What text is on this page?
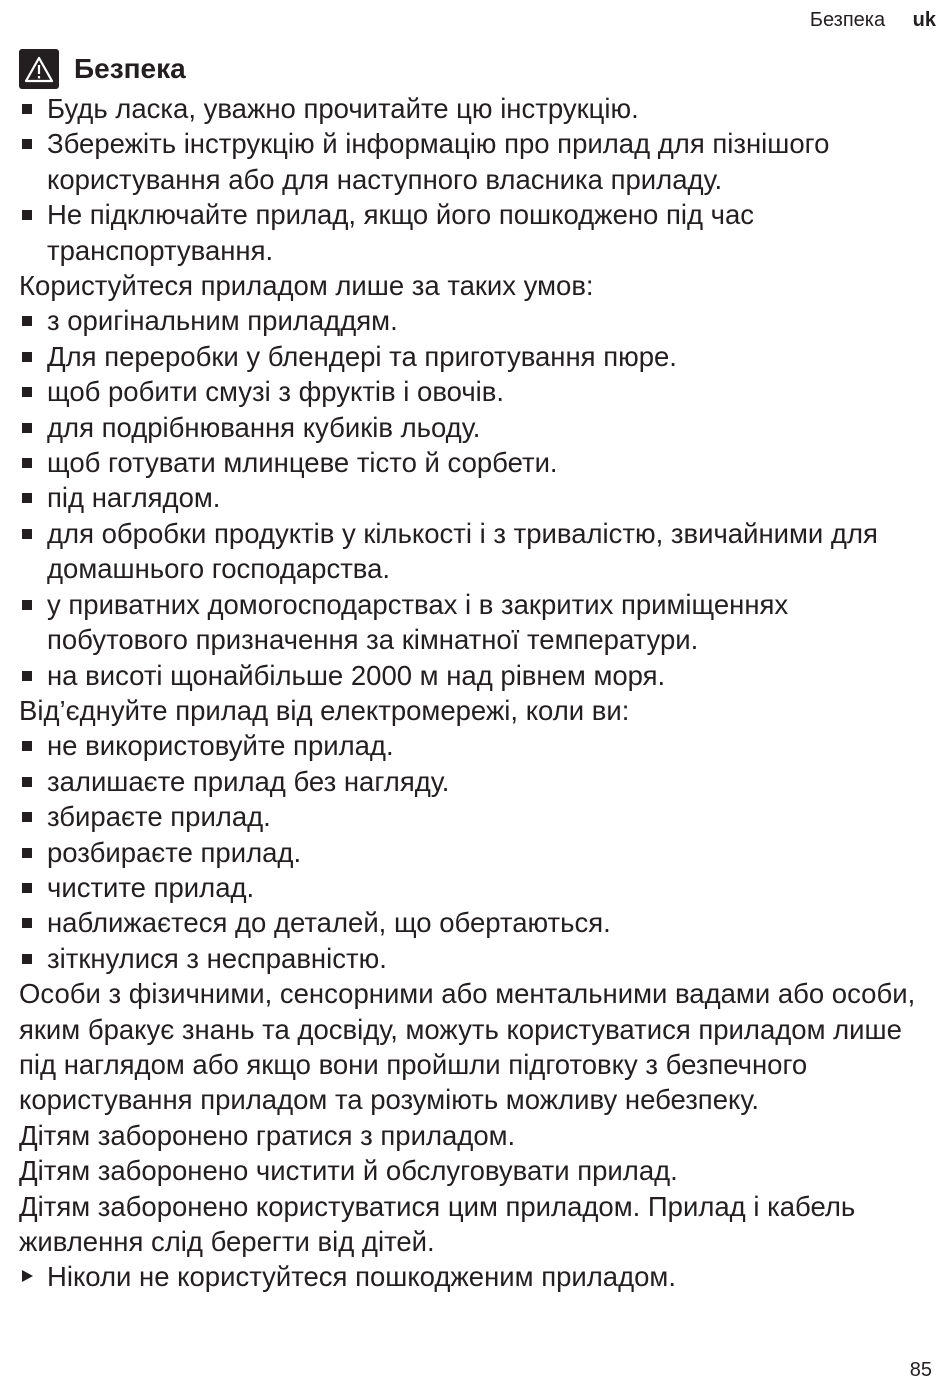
Безпека uk
Безпека
Будь ласка, уважно прочитайте цю інструкцію.
Збережіть інструкцію й інформацію про прилад для пізнішого користування або для наступного власника приладу.
Не підключайте прилад, якщо його пошкоджено під час транспортування.

Користуйтеся приладом лише за таких умов:

з оригінальним приладдям.
Для переробки у блендері та приготування пюре.
щоб робити смузі з фруктів і овочів.
для подрібнювання кубиків льоду.
щоб готувати млинцеве тісто й сорбети.
під наглядом.
для обробки продуктів у кількості і з тривалістю, звичайними для домашнього господарства.
у приватних домогосподарствах і в закритих приміщеннях побутового призначення за кімнатної температури.
на висоті щонайбільше 2000 м над рівнем моря.

Від’єднуйте прилад від електромережі, коли ви:

не використовуйте прилад.
залишаєте прилад без нагляду.
збираєте прилад.
розбираєте прилад.
чистите прилад.
наближаєтеся до деталей, що обертаються.
зіткнулися з несправністю.

Особи з фізичними, сенсорними або ментальними вадами або особи, яким бракує знань та досвіду, можуть користуватися приладом лише під наглядом або якщо вони пройшли підготовку з безпечного користування приладом та розуміють можливу небезпеку.

Дітям заборонено гратися з приладом.

Дітям заборонено чистити й обслуговувати прилад.

Дітям заборонено користуватися цим приладом. Прилад і кабель живлення слід берегти від дітей.

Ніколи не користуйтеся пошкодженим приладом.
85
